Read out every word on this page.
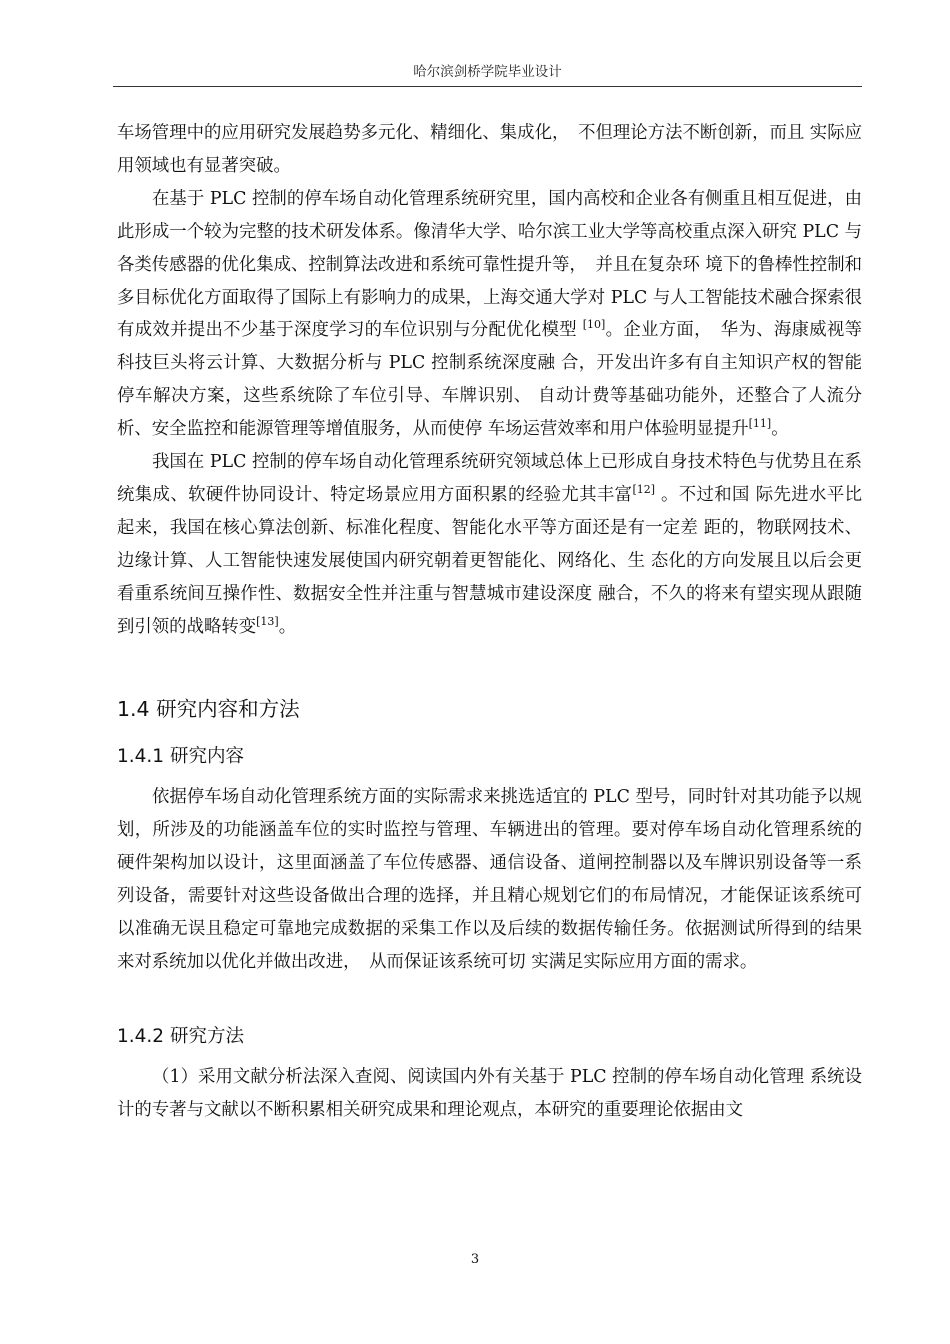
哈尔滨剑桥学院毕业设计

车场管理中的应用研究发展趋势多元化、精细化、集成化，　不但理论方法不断创新，而且 实际应用领域也有显著突破。

在基于 PLC 控制的停车场自动化管理系统研究里，国内高校和企业各有侧重且相互促进，由此形成一个较为完整的技术研发体系。像清华大学、哈尔滨工业大学等高校重点深入研究 PLC 与各类传感器的优化集成、控制算法改进和系统可靠性提升等，　并且在复杂环 境下的鲁棒性控制和多目标优化方面取得了国际上有影响力的成果，上海交通大学对 PLC 与人工智能技术融合探索很有成效并提出不少基于深度学习的车位识别与分配优化模型 [10]。企业方面，　华为、海康威视等科技巨头将云计算、大数据分析与 PLC 控制系统深度融 合，开发出许多有自主知识产权的智能停车解决方案，这些系统除了车位引导、车牌识别、 自动计费等基础功能外，还整合了人流分析、安全监控和能源管理等增值服务，从而使停 车场运营效率和用户体验明显提升[11]。

我国在 PLC 控制的停车场自动化管理系统研究领域总体上已形成自身技术特色与优势且在系统集成、软硬件协同设计、特定场景应用方面积累的经验尤其丰富[12] 。不过和国 际先进水平比起来，我国在核心算法创新、标准化程度、智能化水平等方面还是有一定差 距的，物联网技术、边缘计算、人工智能快速发展使国内研究朝着更智能化、网络化、生 态化的方向发展且以后会更看重系统间互操作性、数据安全性并注重与智慧城市建设深度 融合，不久的将来有望实现从跟随到引领的战略转变[13]。

1.4 研究内容和方法
1.4.1 研究内容

依据停车场自动化管理系统方面的实际需求来挑选适宜的 PLC 型号，同时针对其功能予以规划，所涉及的功能涵盖车位的实时监控与管理、车辆进出的管理。要对停车场自动化管理系统的硬件架构加以设计，这里面涵盖了车位传感器、通信设备、道闸控制器以及车牌识别设备等一系列设备，需要针对这些设备做出合理的选择，并且精心规划它们的布局情况，才能保证该系统可以准确无误且稳定可靠地完成数据的采集工作以及后续的数据传输任务。依据测试所得到的结果来对系统加以优化并做出改进，　从而保证该系统可切 实满足实际应用方面的需求。

1.4.2 研究方法

（1）采用文献分析法深入查阅、阅读国内外有关基于 PLC 控制的停车场自动化管理 系统设计的专著与文献以不断积累相关研究成果和理论观点，本研究的重要理论依据由文

3
